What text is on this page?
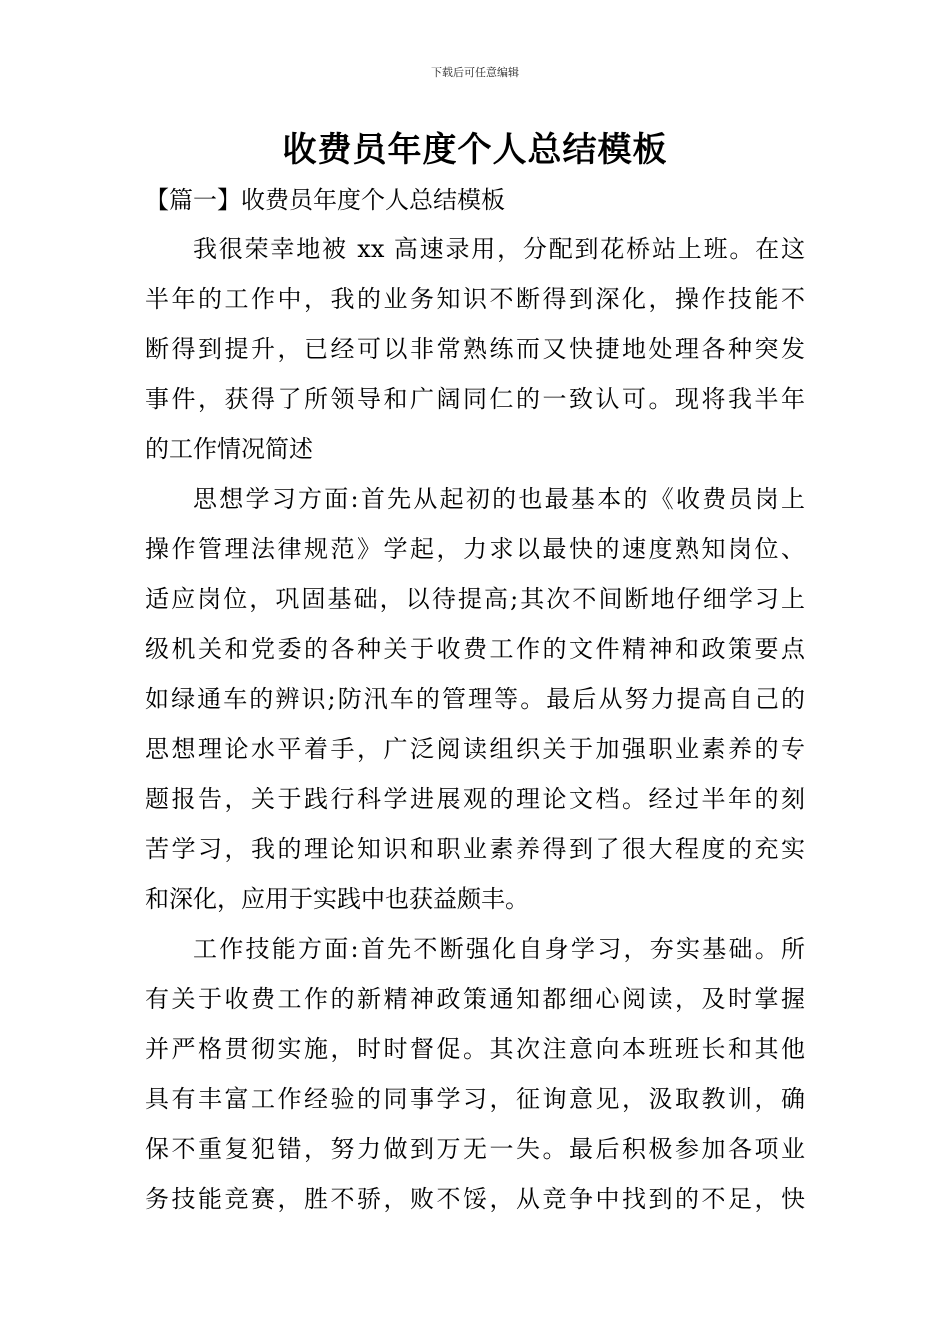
下载后可任意编辑
收费员年度个人总结模板
【篇一】收费员年度个人总结模板
我很荣幸地被 xx 高速录用，分配到花桥站上班。在这
半年的工作中，我的业务知识不断得到深化，操作技能不
断得到提升，已经可以非常熟练而又快捷地处理各种突发
事件，获得了所领导和广阔同仁的一致认可。现将我半年
的工作情况简述
思想学习方面:首先从起初的也最基本的《收费员岗上
操作管理法律规范》学起，力求以最快的速度熟知岗位、
适应岗位，巩固基础，以待提高;其次不间断地仔细学习上
级机关和党委的各种关于收费工作的文件精神和政策要点
如绿通车的辨识;防汛车的管理等。最后从努力提高自己的
思想理论水平着手，广泛阅读组织关于加强职业素养的专
题报告，关于践行科学进展观的理论文档。经过半年的刻
苦学习，我的理论知识和职业素养得到了很大程度的充实
和深化，应用于实践中也获益颇丰。
工作技能方面:首先不断强化自身学习，夯实基础。所
有关于收费工作的新精神政策通知都细心阅读，及时掌握
并严格贯彻实施，时时督促。其次注意向本班班长和其他
具有丰富工作经验的同事学习，征询意见，汲取教训，确
保不重复犯错，努力做到万无一失。最后积极参加各项业
务技能竞赛，胜不骄，败不馁，从竞争中找到的不足，快
